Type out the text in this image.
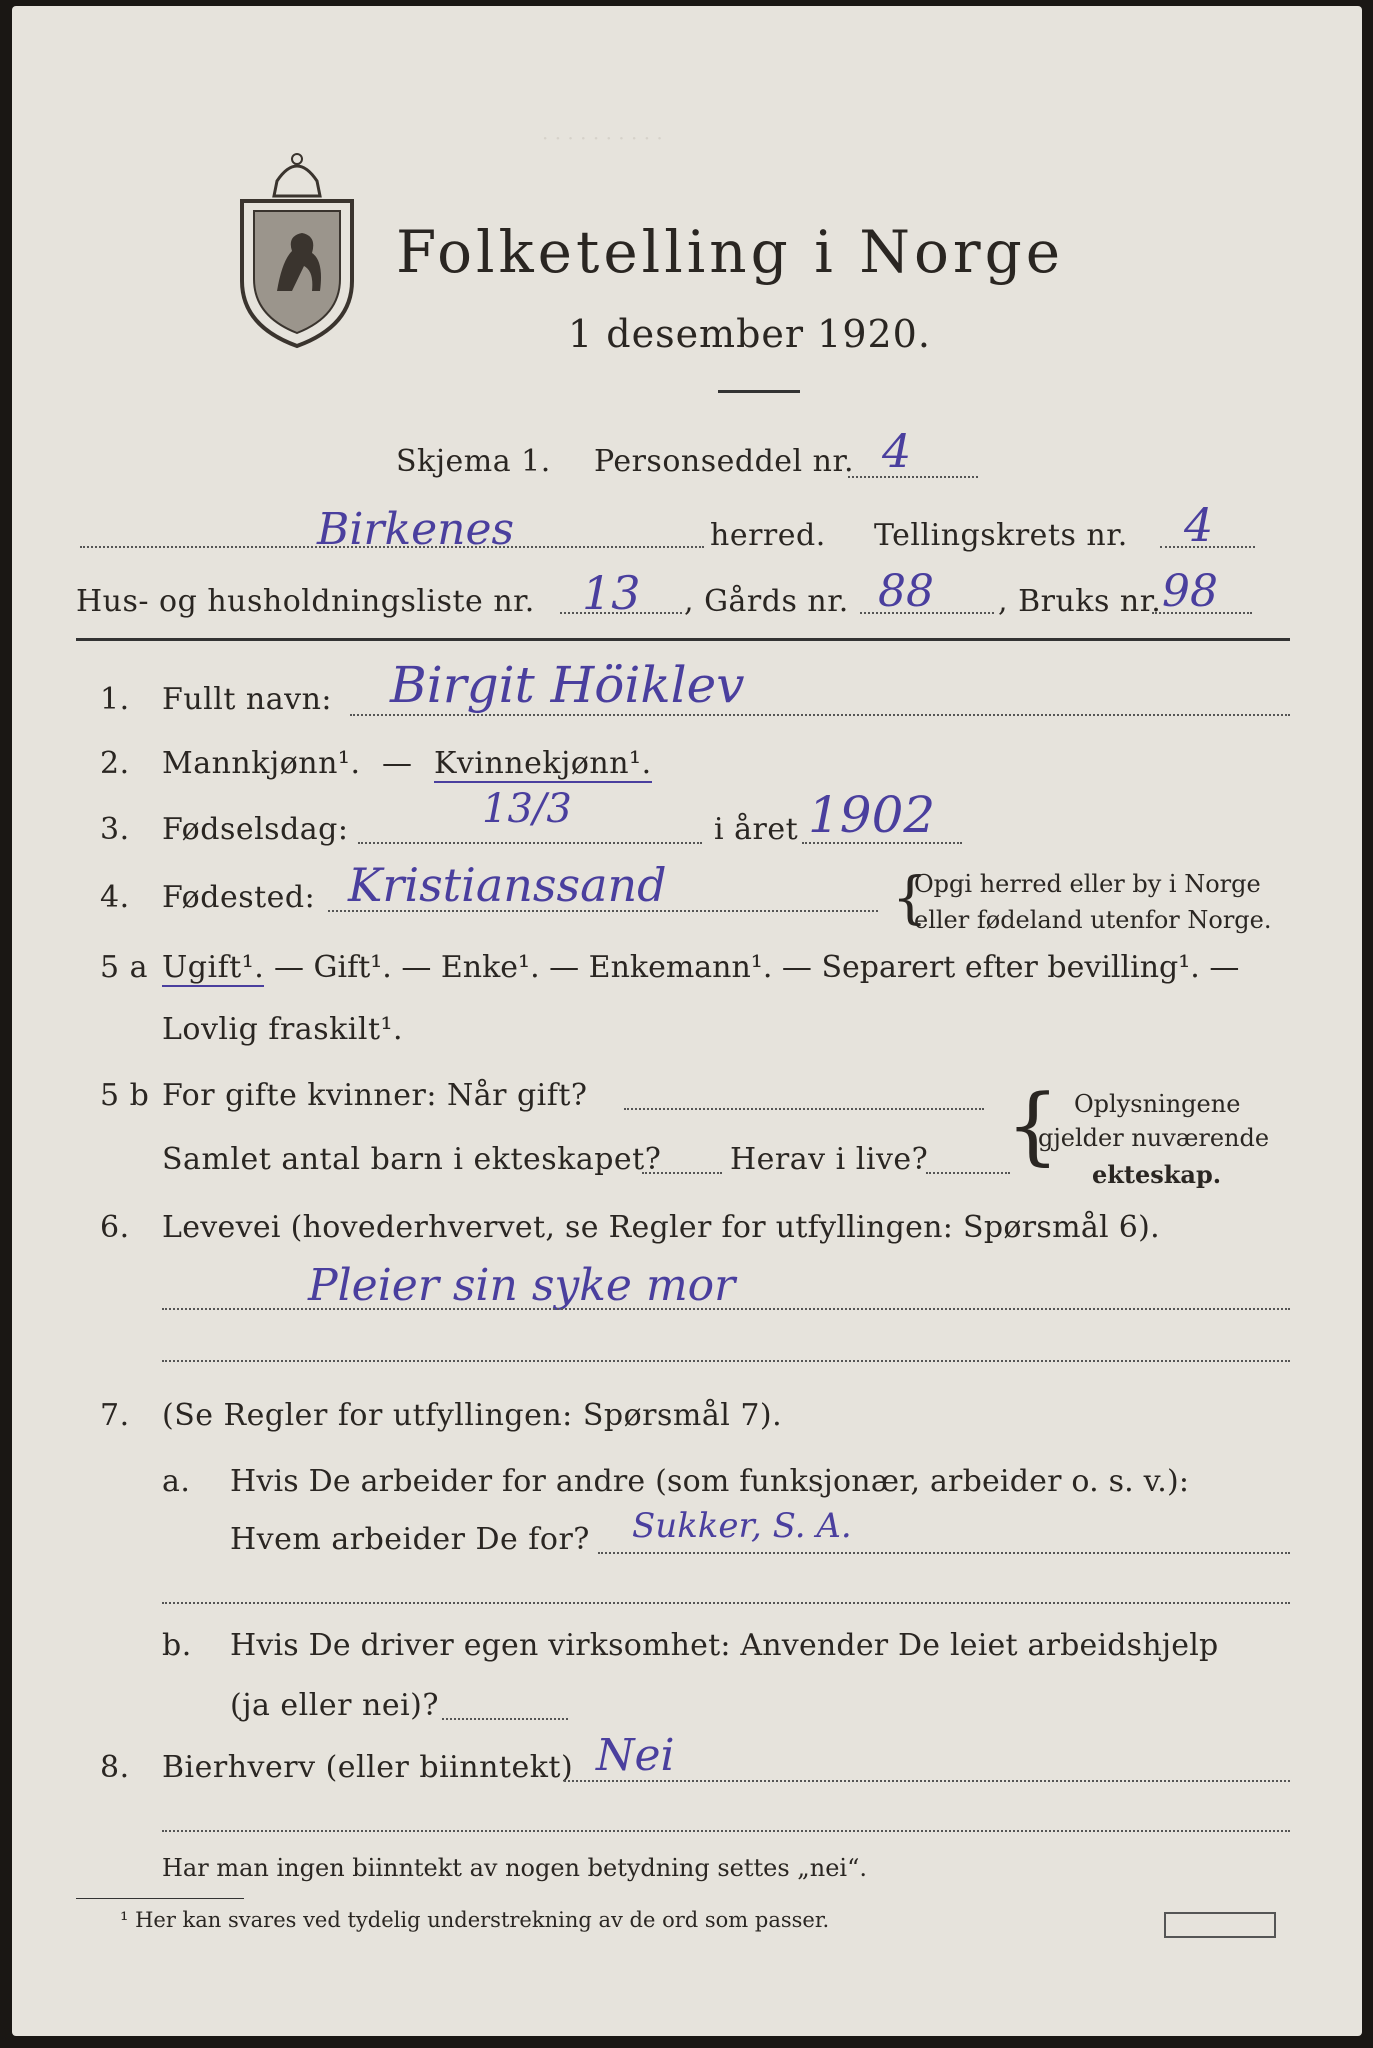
· · · · · · · · · ·
Folketelling i Norge
1 desember 1920.
Skjema 1. Personseddel nr. 4
Birkenes	herred. Tellingskrets nr. 4
Hus- og husholdningsliste nr. 13 , Gårds nr. 88 , Bruks nr. 98
1. Fullt navn: Birgit Höiklev
2. Mannkjønn¹. — Kvinnekjønn¹.
3. Fødselsdag:	13/3	i året 1902
4. Fødested: Kristianssand	{
Opgi herred eller by i Norge
eller fødeland utenfor Norge.
5 a Ugift¹. — Gift¹. — Enke¹. — Enkemann¹. — Separert efter bevilling¹. —
Lovlig fraskilt¹.
5 b For gifte kvinner: Når gift?
Samlet antal barn i ekteskapet? Herav i live? { Oplysningene
gjelder nuværende
ekteskap.
6. Levevei (hovederhvervet, se Regler for utfyllingen: Spørsmål 6).
Pleier sin syke mor
7. (Se Regler for utfyllingen: Spørsmål 7).
a. Hvis De arbeider for andre (som funksjonær, arbeider o. s. v.):
Hvem arbeider De for? Sukker, S. A.
b. Hvis De driver egen virksomhet: Anvender De leiet arbeidshjelp
(ja eller nei)?
8. Bierhverv (eller biinntekt) Nei
Har man ingen biinntekt av nogen betydning settes „nei“.
¹ Her kan svares ved tydelig understrekning av de ord som passer.
